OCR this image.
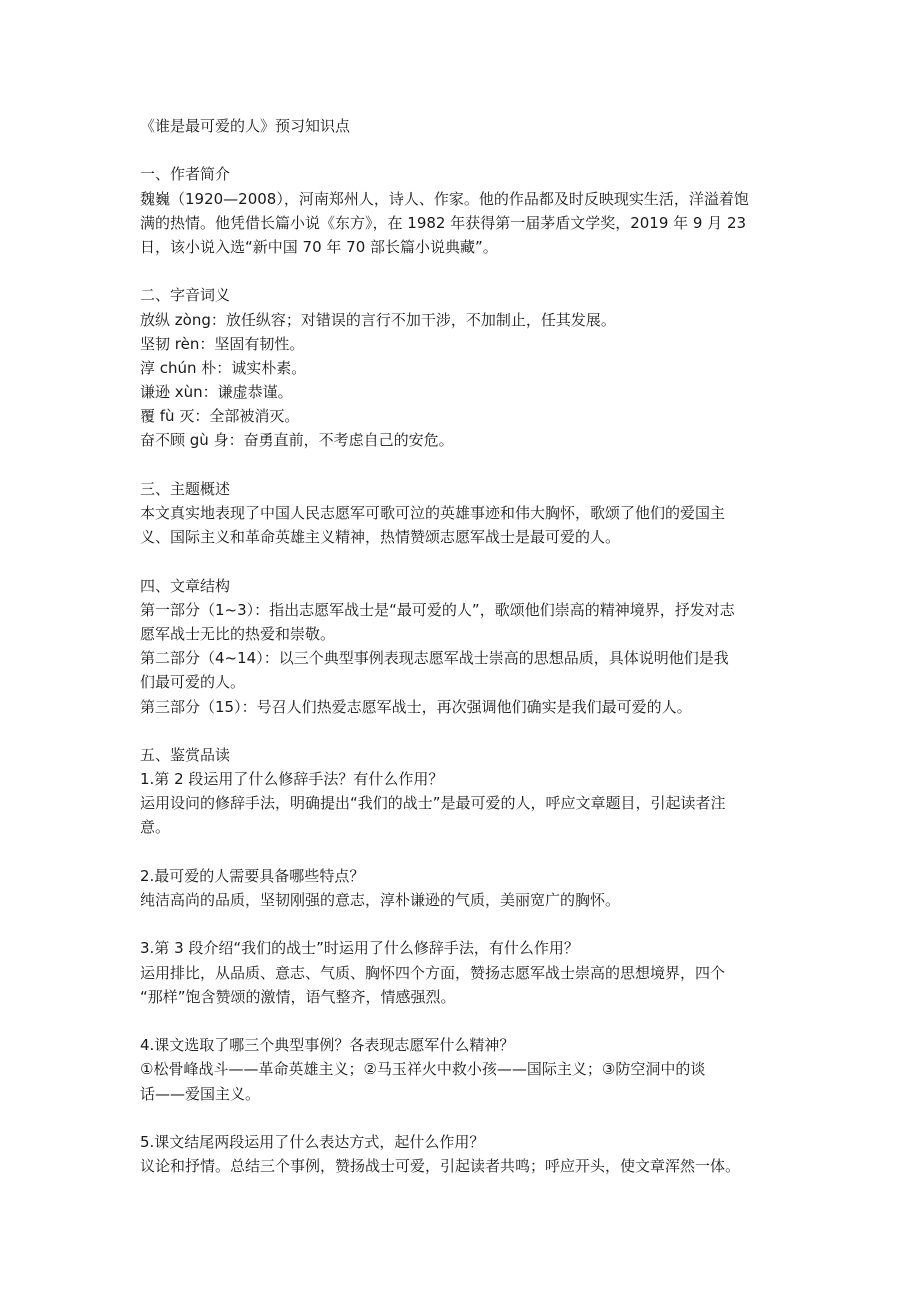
《谁是最可爱的人》预习知识点
一、作者简介
魏巍（1920—2008），河南郑州人，诗人、作家。他的作品都及时反映现实生活，洋溢着饱
满的热情。他凭借长篇小说《东方》，在 1982 年获得第一届茅盾文学奖，2019 年 9 月 23
日，该小说入选“新中国 70 年 70 部长篇小说典藏”。
二、字音词义
放纵 zòng：放任纵容；对错误的言行不加干涉，不加制止，任其发展。
坚韧 rèn：坚固有韧性。
淳 chún 朴：诚实朴素。
谦逊 xùn：谦虚恭谨。
覆 fù 灭：全部被消灭。
奋不顾 gù 身：奋勇直前，不考虑自己的安危。
三、主题概述
本文真实地表现了中国人民志愿军可歌可泣的英雄事迹和伟大胸怀，歌颂了他们的爱国主
义、国际主义和革命英雄主义精神，热情赞颂志愿军战士是最可爱的人。
四、文章结构
第一部分（1~3）：指出志愿军战士是“最可爱的人”，歌颂他们崇高的精神境界，抒发对志
愿军战士无比的热爱和崇敬。
第二部分（4~14）：以三个典型事例表现志愿军战士崇高的思想品质，具体说明他们是我
们最可爱的人。
第三部分（15）：号召人们热爱志愿军战士，再次强调他们确实是我们最可爱的人。
五、鉴赏品读
1.第 2 段运用了什么修辞手法？有什么作用？
运用设问的修辞手法，明确提出“我们的战士”是最可爱的人，呼应文章题目，引起读者注
意。
2.最可爱的人需要具备哪些特点？
纯洁高尚的品质，坚韧刚强的意志，淳朴谦逊的气质，美丽宽广的胸怀。
3.第 3 段介绍“我们的战士”时运用了什么修辞手法，有什么作用？
运用排比，从品质、意志、气质、胸怀四个方面，赞扬志愿军战士崇高的思想境界，四个
“那样”饱含赞颂的激情，语气整齐，情感强烈。
4.课文选取了哪三个典型事例？各表现志愿军什么精神？
①松骨峰战斗——革命英雄主义；②马玉祥火中救小孩——国际主义；③防空洞中的谈
话——爱国主义。
5.课文结尾两段运用了什么表达方式，起什么作用？
议论和抒情。总结三个事例，赞扬战士可爱，引起读者共鸣；呼应开头，使文章浑然一体。
